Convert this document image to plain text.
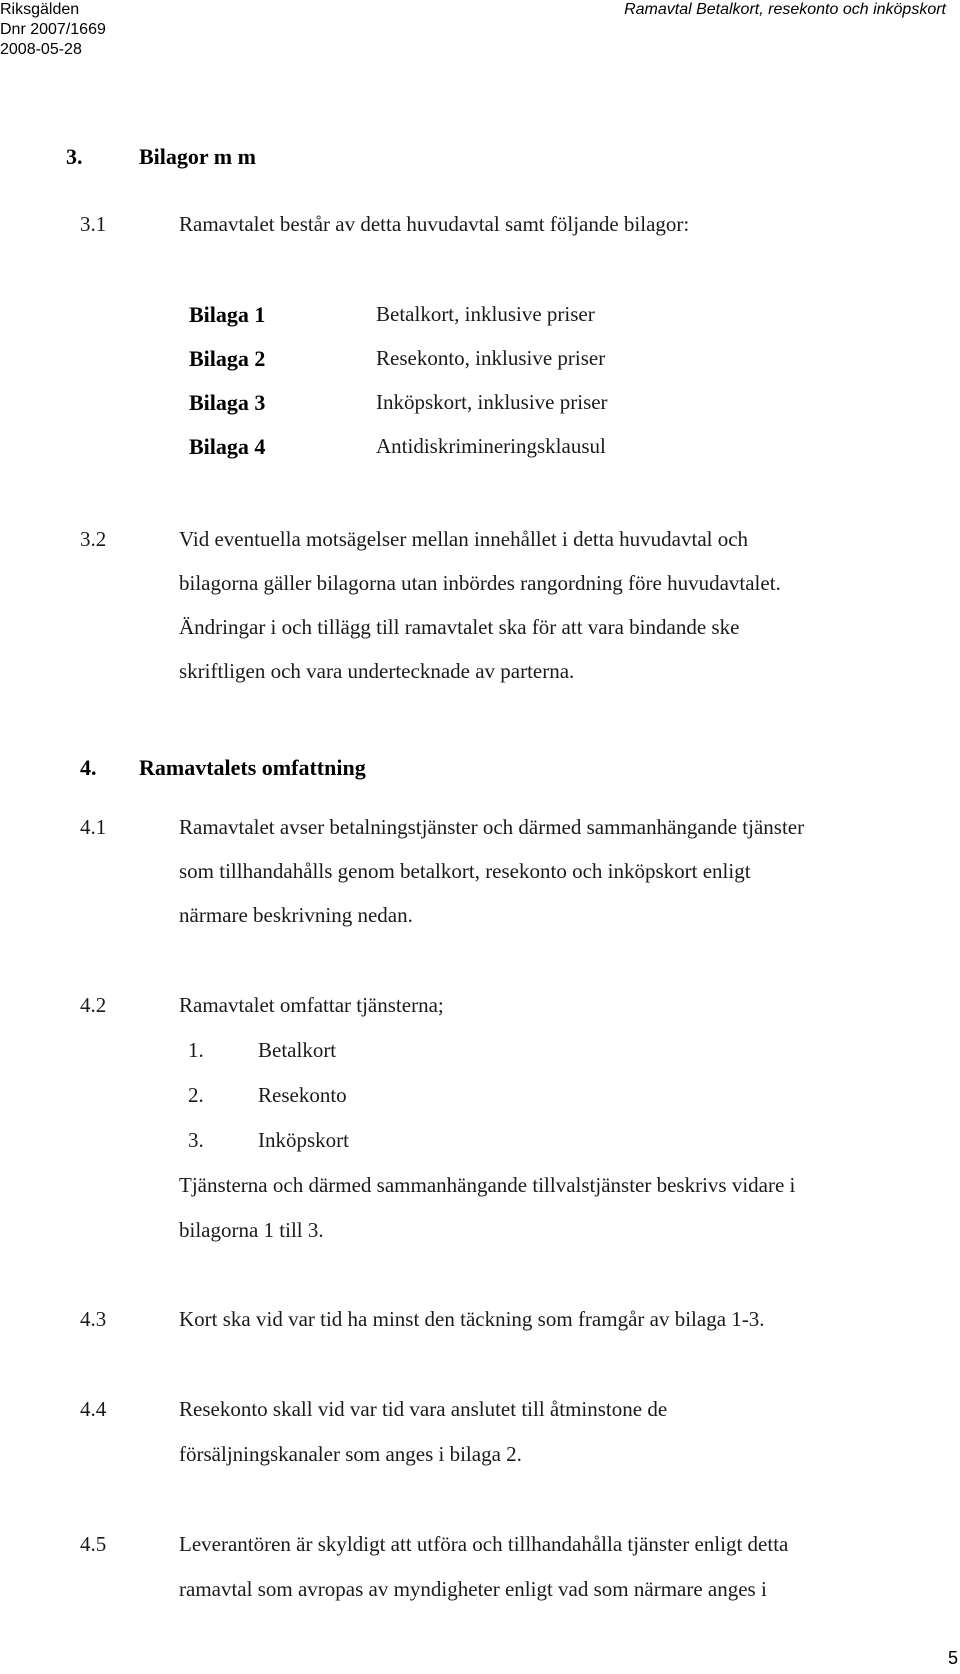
Riksgälden
Dnr 2007/1669
2008-05-28
Ramavtal Betalkort, resekonto och inköpskort
3.	Bilagor m m
3.1	Ramavtalet består av detta huvudavtal samt följande bilagor:
Bilaga 1	Betalkort, inklusive priser
Bilaga 2	Resekonto, inklusive priser
Bilaga 3	Inköpskort, inklusive priser
Bilaga 4	Antidiskrimineringsklausul
3.2	Vid eventuella motsägelser mellan innehållet i detta huvudavtal och
bilagorna gäller bilagorna utan inbördes rangordning före huvudavtalet.
Ändringar i och tillägg till ramavtalet ska för att vara bindande ske
skriftligen och vara undertecknade av parterna.
4. Ramavtalets omfattning
4.1	Ramavtalet avser betalningstjänster och därmed sammanhängande tjänster
som tillhandahålls genom betalkort, resekonto och inköpskort enligt
närmare beskrivning nedan.
4.2	Ramavtalet omfattar tjänsterna;
1.	Betalkort
2.	Resekonto
3.	Inköpskort
Tjänsterna och därmed sammanhängande tillvalstjänster beskrivs vidare i
bilagorna 1 till 3.
4.3	Kort ska vid var tid ha minst den täckning som framgår av bilaga 1-3.
4.4	Resekonto skall vid var tid vara anslutet till åtminstone de
försäljningskanaler som anges i bilaga 2.
4.5	Leverantören är skyldigt att utföra och tillhandahålla tjänster enligt detta
ramavtal som avropas av myndigheter enligt vad som närmare anges i
5
